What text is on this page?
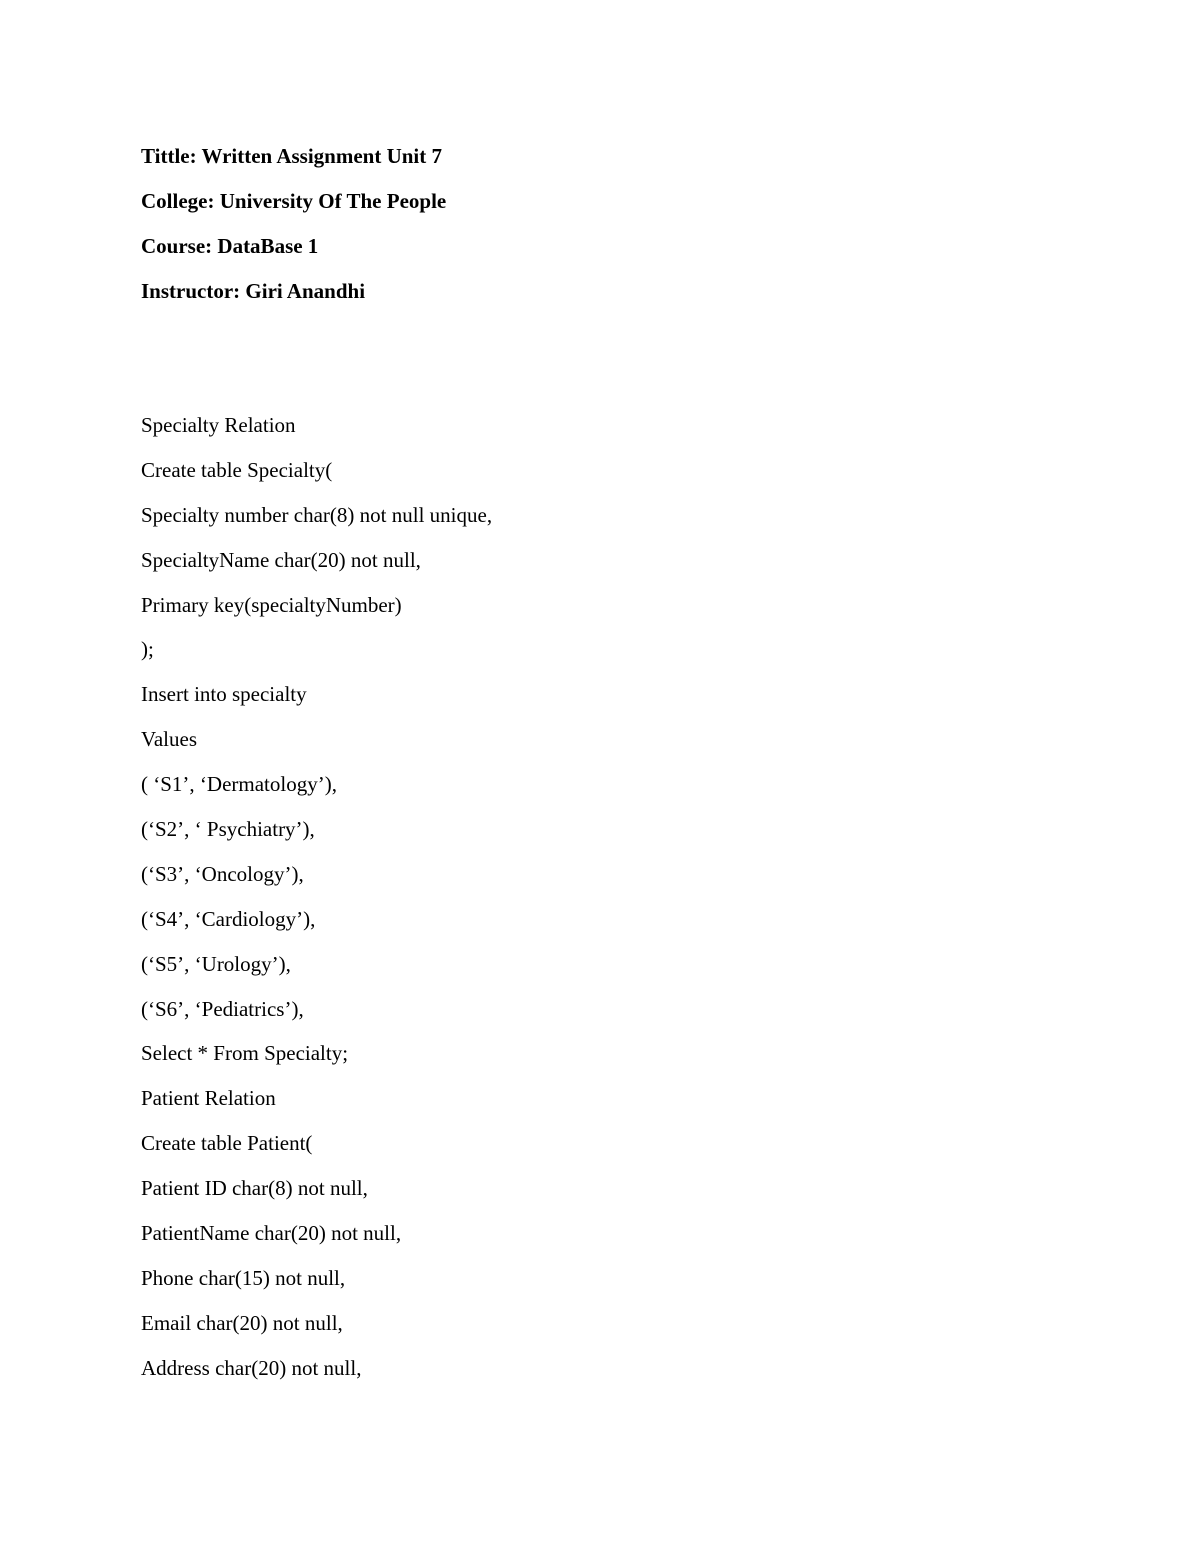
Tittle: Written Assignment Unit 7
College: University Of The People
Course: DataBase 1
Instructor: Giri Anandhi
Specialty Relation
Create table Specialty(
Specialty number char(8) not null unique,
SpecialtyName char(20) not null,
Primary key(specialtyNumber)
);
Insert into specialty
Values
( ‘S1’, ‘Dermatology’),
(‘S2’, ‘ Psychiatry’),
(‘S3’, ‘Oncology’),
(‘S4’, ‘Cardiology’),
(‘S5’, ‘Urology’),
(‘S6’, ‘Pediatrics’),
Select * From Specialty;
Patient Relation
Create table Patient(
Patient ID char(8) not null,
PatientName char(20) not null,
Phone char(15) not null,
Email char(20) not null,
Address char(20) not null,
